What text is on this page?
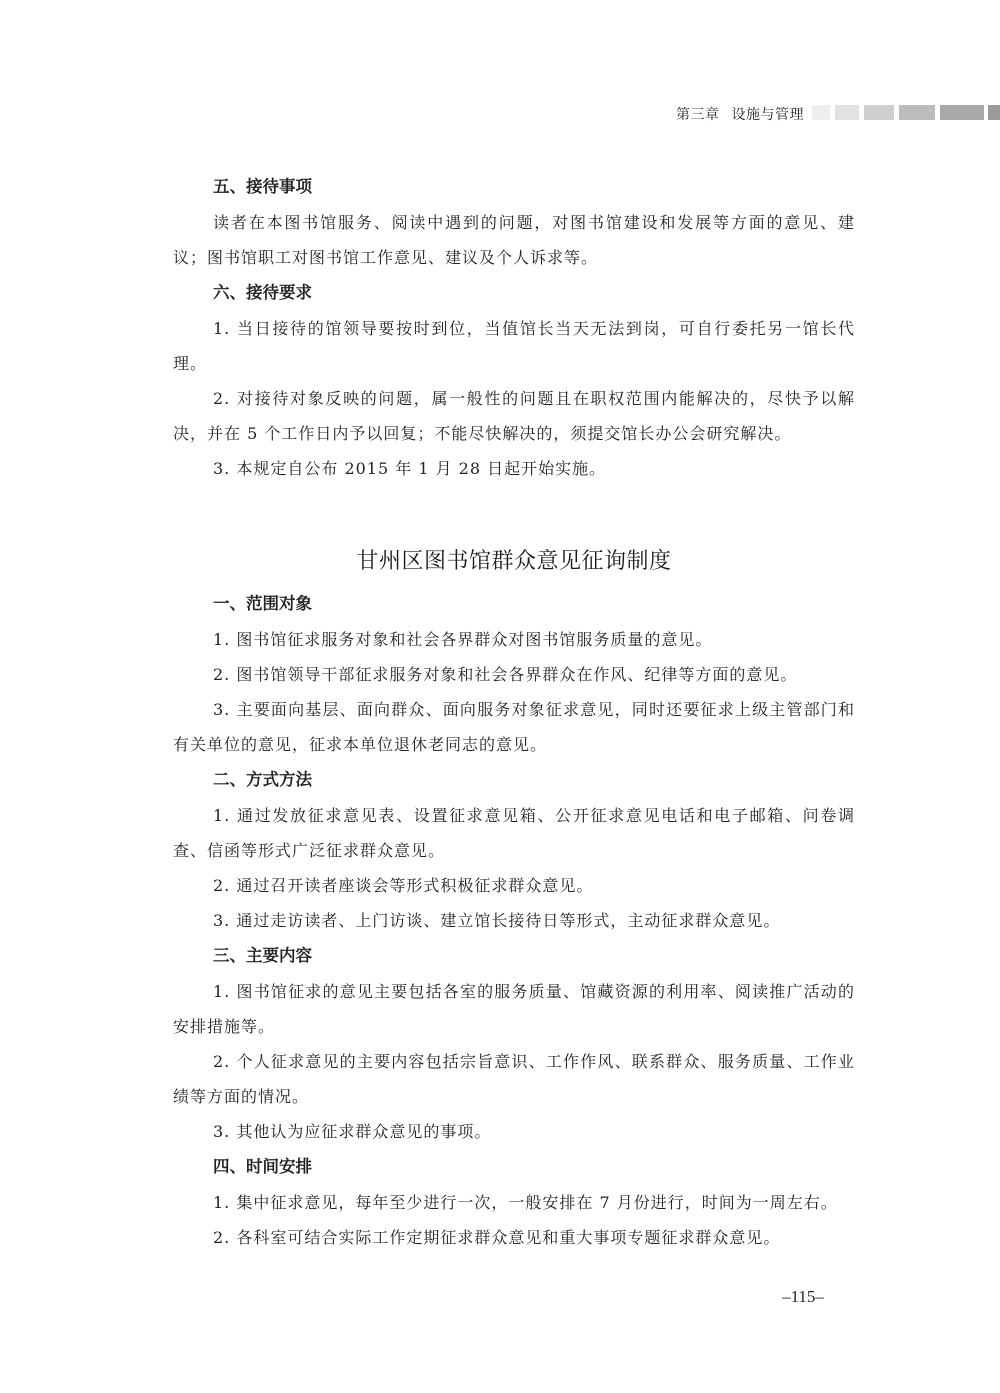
第三章 设施与管理
五、接待事项

读者在本图书馆服务、阅读中遇到的问题，对图书馆建设和发展等方面的意见、建议；图书馆职工对图书馆工作意见、建议及个人诉求等。

六、接待要求

1. 当日接待的馆领导要按时到位，当值馆长当天无法到岗，可自行委托另一馆长代理。

2. 对接待对象反映的问题，属一般性的问题且在职权范围内能解决的，尽快予以解决，并在 5 个工作日内予以回复；不能尽快解决的，须提交馆长办公会研究解决。

3. 本规定自公布 2015 年 1 月 28 日起开始实施。

甘州区图书馆群众意见征询制度
一、范围对象

1. 图书馆征求服务对象和社会各界群众对图书馆服务质量的意见。

2. 图书馆领导干部征求服务对象和社会各界群众在作风、纪律等方面的意见。

3. 主要面向基层、面向群众、面向服务对象征求意见，同时还要征求上级主管部门和有关单位的意见，征求本单位退休老同志的意见。

二、方式方法

1. 通过发放征求意见表、设置征求意见箱、公开征求意见电话和电子邮箱、问卷调查、信函等形式广泛征求群众意见。

2. 通过召开读者座谈会等形式积极征求群众意见。

3. 通过走访读者、上门访谈、建立馆长接待日等形式，主动征求群众意见。

三、主要内容

1. 图书馆征求的意见主要包括各室的服务质量、馆藏资源的利用率、阅读推广活动的安排措施等。

2. 个人征求意见的主要内容包括宗旨意识、工作作风、联系群众、服务质量、工作业绩等方面的情况。

3. 其他认为应征求群众意见的事项。

四、时间安排

1. 集中征求意见，每年至少进行一次，一般安排在 7 月份进行，时间为一周左右。

2. 各科室可结合实际工作定期征求群众意见和重大事项专题征求群众意见。

–115–
